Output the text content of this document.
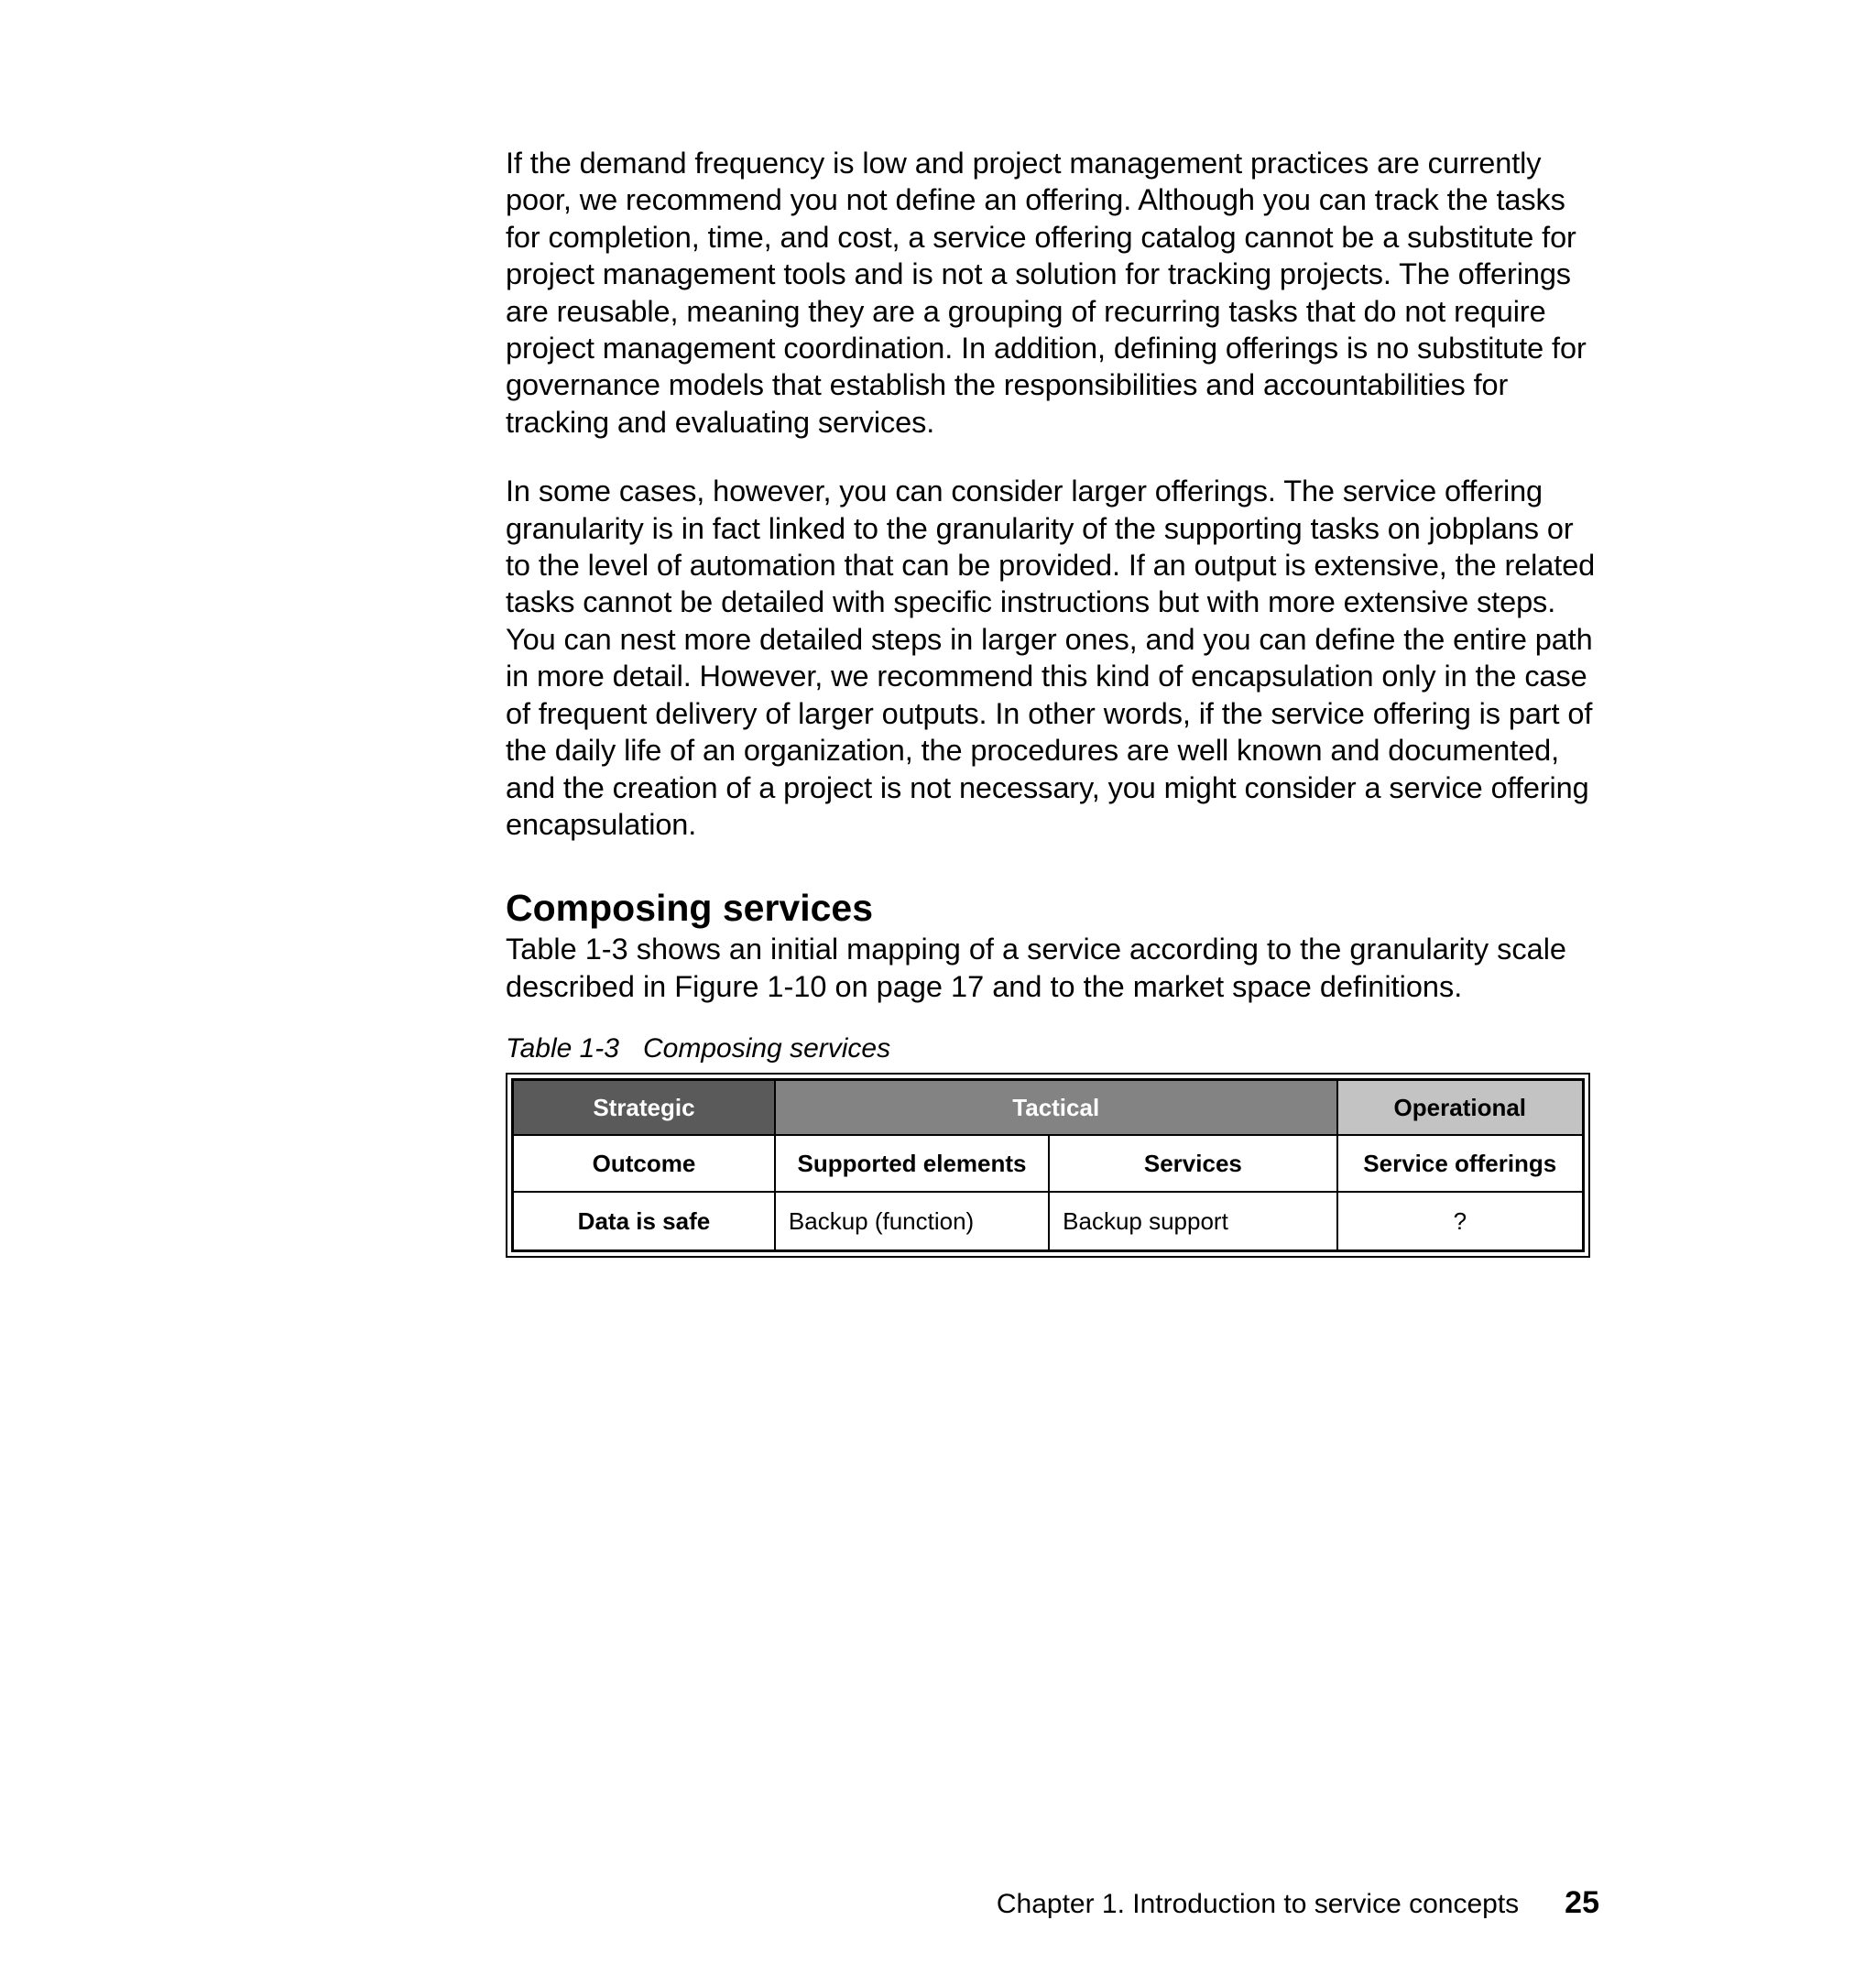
If the demand frequency is low and project management practices are currently poor, we recommend you not define an offering. Although you can track the tasks for completion, time, and cost, a service offering catalog cannot be a substitute for project management tools and is not a solution for tracking projects. The offerings are reusable, meaning they are a grouping of recurring tasks that do not require project management coordination. In addition, defining offerings is no substitute for governance models that establish the responsibilities and accountabilities for tracking and evaluating services.

In some cases, however, you can consider larger offerings. The service offering granularity is in fact linked to the granularity of the supporting tasks on jobplans or to the level of automation that can be provided. If an output is extensive, the related tasks cannot be detailed with specific instructions but with more extensive steps. You can nest more detailed steps in larger ones, and you can define the entire path in more detail. However, we recommend this kind of encapsulation only in the case of frequent delivery of larger outputs. In other words, if the service offering is part of the daily life of an organization, the procedures are well known and documented, and the creation of a project is not necessary, you might consider a service offering encapsulation.

Composing services

Table 1-3 shows an initial mapping of a service according to the granularity scale described in Figure 1-10 on page 17 and to the market space definitions.

Table 1-3 Composing services
Strategic	Tactical		Operational
Outcome	Supported elements	Services	Service offerings
Data is safe	Backup (function)	Backup support	?
Chapter 1. Introduction to service concepts 25
